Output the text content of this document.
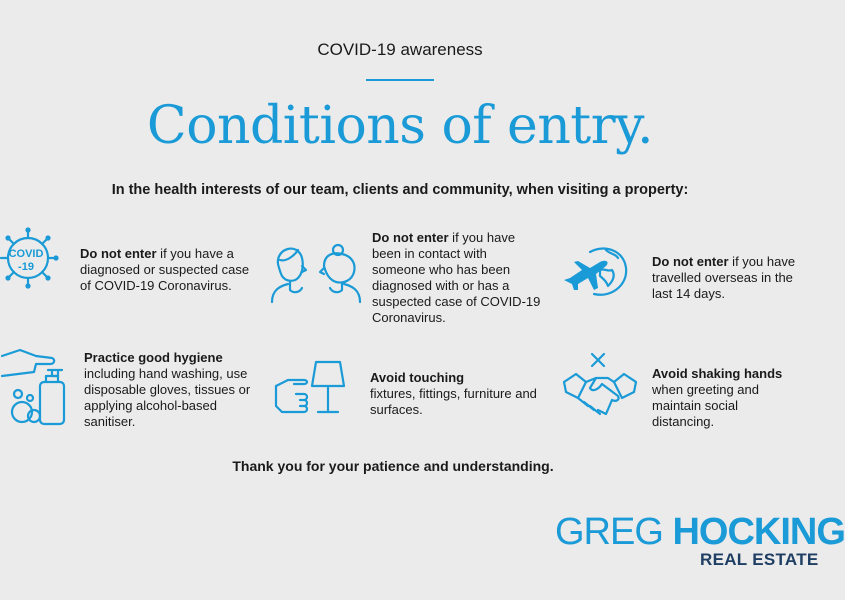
COVID-19 awareness
Conditions of entry.
In the health interests of our team, clients and community, when visiting a property:
COVID
-19
Do not enter if you have a diagnosed or suspected case of COVID-19 Coronavirus.
Do not enter if you have been in contact with someone who has been diagnosed with or has a suspected case of COVID-19 Coronavirus.
Do not enter if you have travelled overseas in the last 14 days.
Practice good hygiene
including hand washing, use disposable gloves, tissues or applying alcohol-based sanitiser.
Avoid touching
fixtures, fittings, furniture and surfaces.
Avoid shaking hands
when greeting and maintain social distancing.
Thank you for your patience and understanding.
GREG HOCKING
REAL ESTATE
